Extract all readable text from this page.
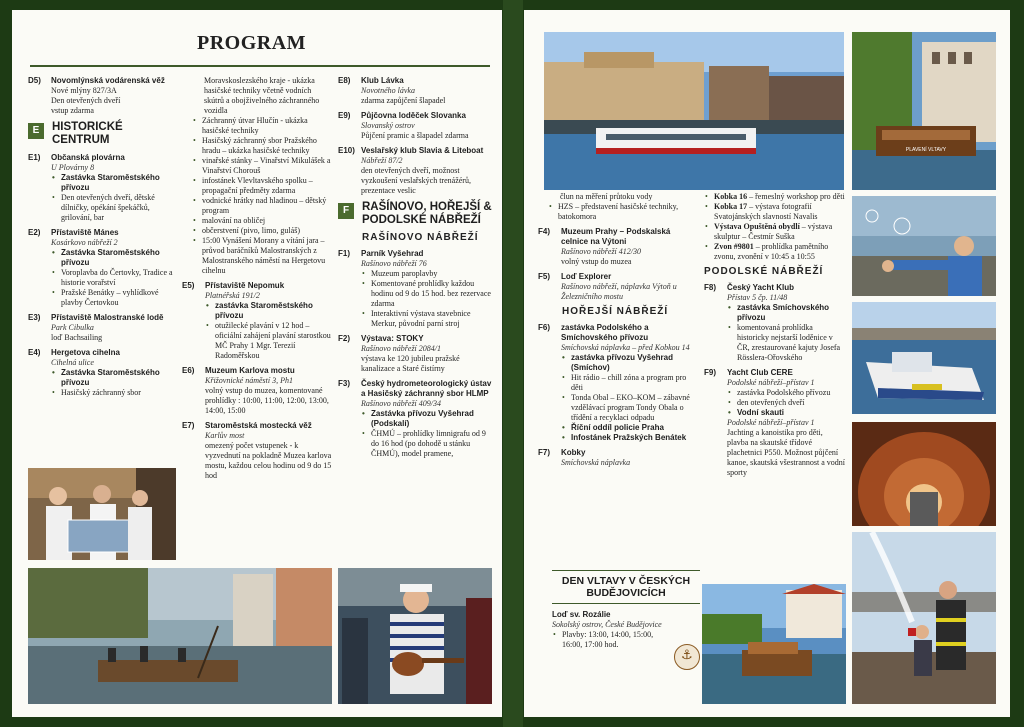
PROGRAM
D5) Novomlýnská vodárenská věž
Nové mlýny 827/3A
Den otevřených dveří
vstup zdarma
E	HISTORICKÉ CENTRUM
E1) Občanská plovárna
U Plovárny 8
• Zastávka Staroměstského přívozu
• Den otevřených dveří, dětské dílničky, opékání špekáčků, grilování, bar
E2) Přístaviště Mánes
Kosárkovo nábřeží 2
• Zastávka Staroměstského přívozu
• Voroplavba do Čertovky, Tradice a historie vorařství
• Pražské Benátky – vyhlídkové plavby Čertovkou
E3) Přístaviště Malostranské lodě
Park Cibulka
loď Bachsailing
E4) Hergetova cihelna
Cihelná ulice
• Zastávka Staroměstského přívozu
• Hasičský záchranný sbor
Moravskoslezského kraje - ukázka hasičské techniky včetně vodních skútrů a obojživelného záchranného vozidla
• Záchranný útvar Hlučín - ukázka hasičské techniky
• Hasičský záchranný sbor Pražského hradu – ukázka hasičské techniky
• vinařské stánky – Vinařství Mikulášek a Vinařství Chorouš
• infostánek Vlevltavského spolku – propagační předměty zdarma
• vodnické hrátky nad hladinou – dětský program
• malování na obličej
• občerstvení (pivo, limo, guláš)
• 15:00 Vynášení Morany a vítání jara – průvod baráčníků Malostranských z Malostranského náměstí na Hergetovu cihelnu
E5) Přístaviště Nepomuk
Platnéřská 191/2
• zastávka Staroměstského přívozu
• otužilecké plavání v 12 hod – oficiální zahájení plavání starostkou MČ Prahy 1 Mgr. Terezií Radoměřskou
E6) Muzeum Karlova mostu
Křižovnické náměstí 3, Ph1
volný vstup do muzea, komentované prohlídky : 10:00, 11:00, 12:00, 13:00, 14:00, 15:00
E7) Staroměstská mostecká věž
Karlův most
omezený počet vstupenek - k vyzvednutí na pokladně Muzea karlova mostu, každou celou hodinu od 9 do 15 hod
E8) Klub Lávka
Novotného lávka
zdarma zapůjčení šlapadel
E9) Půjčovna loděček Slovanka
Slovanský ostrov
Půjčení pramic a šlapadel zdarma
E10) Veslařský klub Slavia & Liteboat
Nábřeží 87/2
den otevřených dveří, možnost vyzkoušení veslařských trenážérů, prezentace veslic
F	RAŠÍNOVO, HOŘEJŠÍ & PODOLSKÉ NÁBŘEŽÍ
RAŠÍNOVO NÁBŘEŽÍ
F1) Parník Vyšehrad
Rašínovo nábřeží 76
• Muzeum paroplavby
• Komentované prohlídky každou hodinu od 9 do 15 hod. bez rezervace zdarma
• Interaktivní výstava stavebnice Merkur, původní parní stroj
F2) Výstava: STOKY
Rašínovo nábřeží 2084/1
výstava ke 120 jubileu pražské kanalizace a Staré čistírny
F3) Český hydrometeorologický ústav a Hasičský záchranný sbor HLMP
Rašínovo nábřeží 409/34
• Zastávka přívozu Vyšehrad (Podskalí)
• ČHMÚ – prohlídky limnigrafu od 9 do 16 hod (po dohodě u stánku ČHMÚ), model pramene,
PLAVENÍ VLTAVY
člun na měření průtoku vody
• HZS – představení hasičské techniky, batokomora
F4) Muzeum Prahy – Podskalská celnice na Výtoni
Rašínovo nábřeží 412/30
volný vstup do muzea
F5) Loď Explorer
Rašínovo nábřeží, náplavka Výtoň u Železničního mostu
HOŘEJŠÍ NÁBŘEŽÍ
F6) zastávka Podolského a Smíchovského přívozu
Smíchovská náplavka – před Kobkou 14
• zastávka přívozu Vyšehrad (Smíchov)
• Hit rádio – chill zóna a program pro děti
• Tonda Obal – EKO–KOM – zábavné vzdělávací program Tondy Obala o třídění a recyklaci odpadu
• Říční oddíl policie Praha
• Infostánek Pražských Benátek
F7) Kobky
Smíchovská náplavka
• Kobka 16 – řemeslný workshop pro děti
• Kobka 17 – výstava fotografií Svatojánských slavností Navalis
• Výstava Opuštěná obydlí – výstava skulptur – Čestmír Suška
• Zvon #9801 – prohlídka pamětního zvonu, zvonění v 10:45 a 10:55
PODOLSKÉ NÁBŘEŽÍ
F8) Český Yacht Klub
Přístav 5 čp. 11/48
• zastávka Smíchovského přívozu
• komentovaná prohlídka historicky nejstarší loděnice v ČR, zrestaurované kajuty Josefa Rösslera-Ořovského
F9) Yacht Club CERE
Podolské nábřeží–přístav 1
• zastávka Podolského přívozu
• den otevřených dveří
• Vodní skauti
Podolské nábřeží–přístav 1
Jachting a kanoistika pro děti, plavba na skautské třídové plachetnici P550. Možnost půjčení kanoe, skautská všestrannost a vodní sporty
DEN VLTAVY V ČESKÝCH BUDĚJOVICÍCH
Loď sv. Rozálie
Sokolský ostrov, České Budějovice
• Plavby: 13:00, 14:00, 15:00, 16:00, 17:00 hod.
⚓
